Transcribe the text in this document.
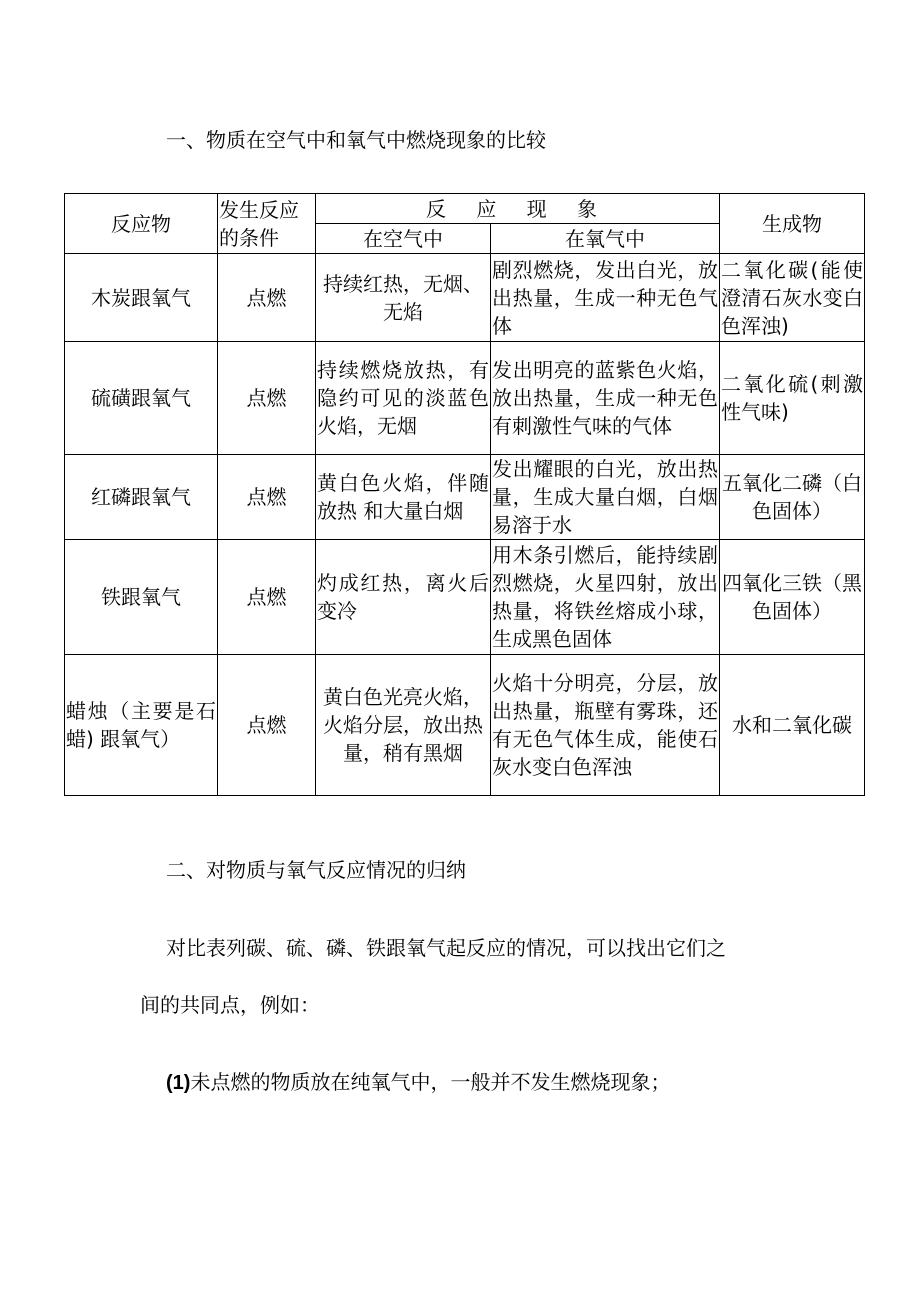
一、物质在空气中和氧气中燃烧现象的比较
反应物	发生反应的条件	反 应 现 象		生成物
		在空气中	在氧气中	
木炭跟氧气	点燃	持续红热，无烟、无焰	剧烈燃烧，发出白光，放出热量，生成一种无色气体	二氧化碳(能使澄清石灰水变白色浑浊)
硫磺跟氧气	点燃	持续燃烧放热，有隐约可见的淡蓝色火焰，无烟	发出明亮的蓝紫色火焰，放出热量，生成一种无色有刺激性气味的气体	二氧化硫(刺激性气味)
红磷跟氧气	点燃	黄白色火焰，伴随放热 和大量白烟	发出耀眼的白光，放出热量，生成大量白烟，白烟易溶于水	五氧化二磷（白色固体）
铁跟氧气	点燃	灼成红热，离火后变冷	用木条引燃后，能持续剧烈燃烧，火星四射，放出热量，将铁丝熔成小球，生成黑色固体	四氧化三铁（黑色固体）
蜡烛（主要是石蜡) 跟氧气）	点燃	黄白色光亮火焰，火焰分层，放出热量，稍有黑烟	火焰十分明亮，分层，放出热量，瓶壁有雾珠，还有无色气体生成，能使石灰水变白色浑浊	水和二氧化碳
二、对物质与氧气反应情况的归纳
对比表列碳、硫、磷、铁跟氧气起反应的情况，可以找出它们之
间的共同点，例如：
(1)未点燃的物质放在纯氧气中，一般并不发生燃烧现象；
